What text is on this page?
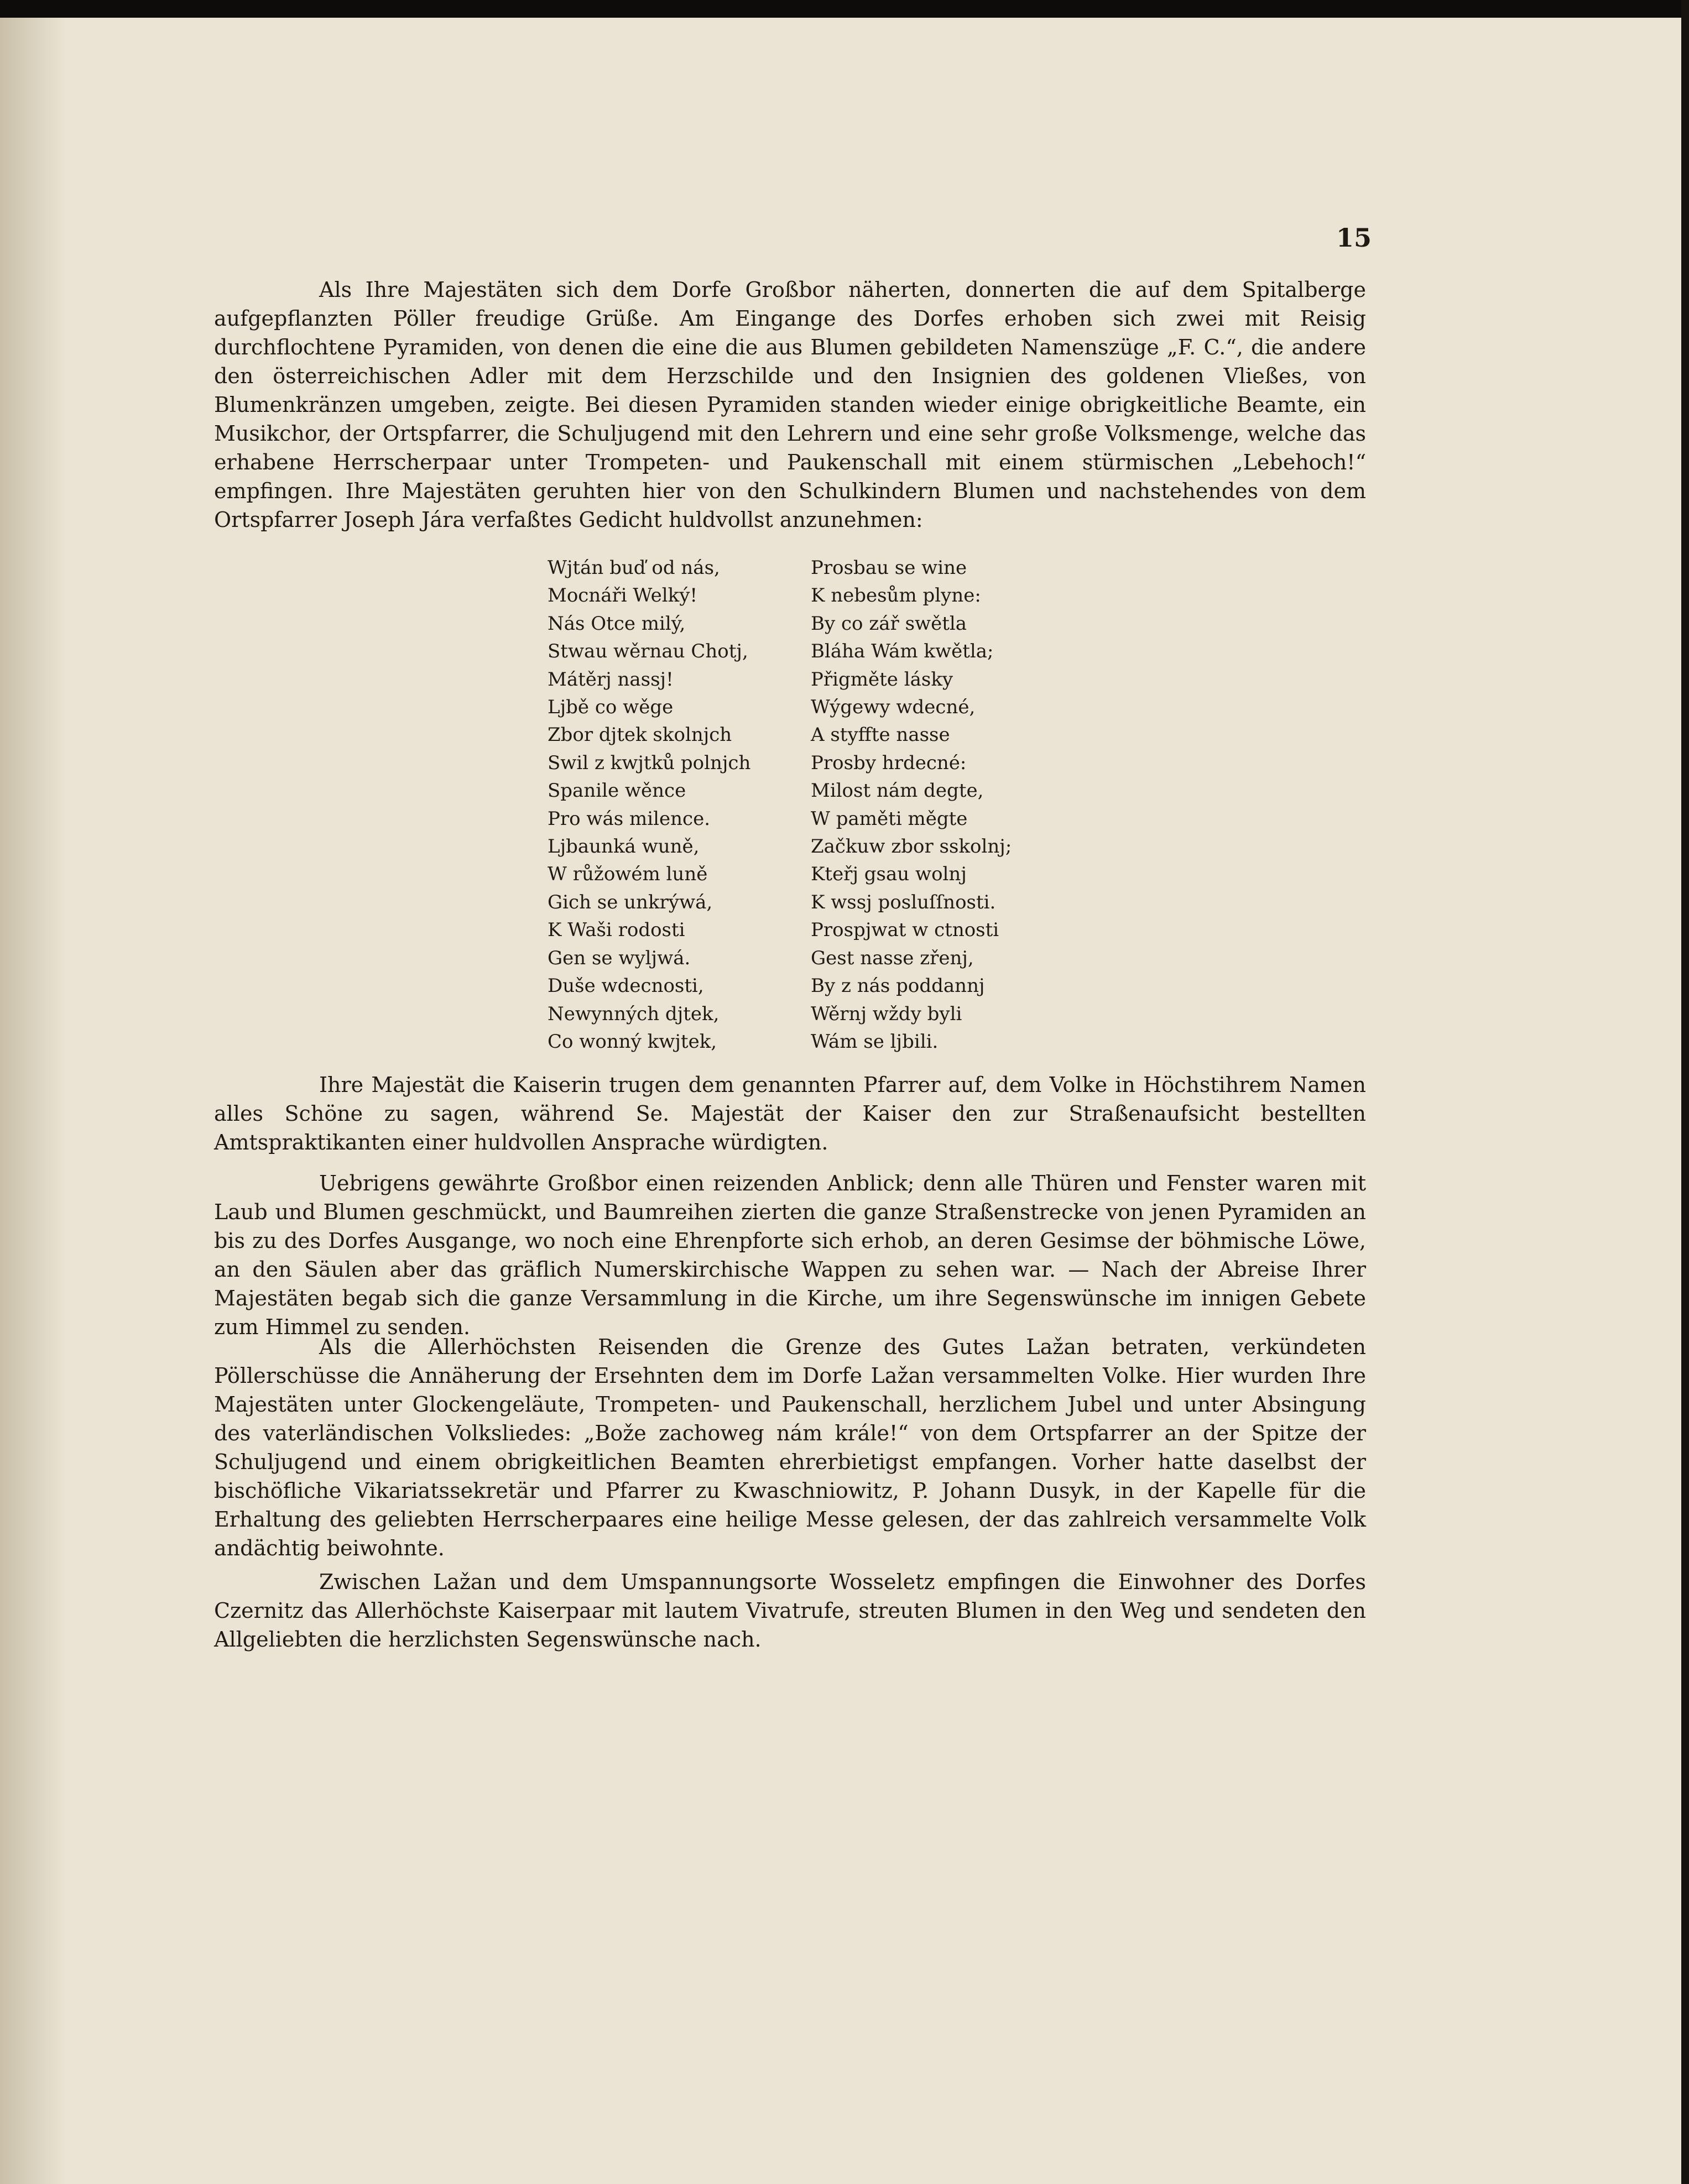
15

Als Ihre Majestäten sich dem Dorfe Großbor näherten, donnerten die auf dem Spitalberge aufgepflanzten Pöller freudige Grüße. Am Eingange des Dorfes erhoben sich zwei mit Reisig durchflochtene Pyramiden, von denen die eine die aus Blumen gebildeten Namenszüge „F. C.“, die andere den österreichischen Adler mit dem Herzschilde und den Insignien des goldenen Vließes, von Blumenkränzen umgeben, zeigte. Bei diesen Pyramiden standen wieder einige obrigkeitliche Beamte, ein Musikchor, der Ortspfarrer, die Schuljugend mit den Lehrern und eine sehr große Volksmenge, welche das erhabene Herrscherpaar unter Trompeten- und Paukenschall mit einem stürmischen „Lebehoch!“ empfingen. Ihre Majestäten geruhten hier von den Schulkindern Blumen und nachstehendes von dem Ortspfarrer Joseph Jára verfaßtes Gedicht huldvollst anzunehmen:

Wjtán buď od nás,
Mocnáři Welký!
Nás Otce milý,
Stwau wěrnau Chotj,
Mátěrj nassj!
Ljbě co wěge
Zbor djtek skolnjch
Swil z kwjtků polnjch
Spanile wěnce
Pro wás milence.
Ljbaunká wuně,
W růžowém luně
Gich se unkrýwá,
K Waši rodosti
Gen se wyljwá.
Duše wdecnosti,
Newynných djtek,
Co wonný kwjtek,
Prosbau se wine
K nebesům plyne:
By co zář swětla
Bláha Wám kwětla;
Přigměte lásky
Wýgewy wdecné,
A styffte nasse
Prosby hrdecné:
Milost nám degte,
W paměti měgte
Začkuw zbor sskolnj;
Kteřj gsau wolnj
K wssj posluſſnosti.
Prospjwat w ctnosti
Gest nasse zřenj,
By z nás poddannj
Wěrnj wždy byli
Wám se ljbili.

Ihre Majestät die Kaiserin trugen dem genannten Pfarrer auf, dem Volke in Höchstihrem Namen alles Schöne zu sagen, während Se. Majestät der Kaiser den zur Straßenaufsicht bestellten Amtspraktikanten einer huldvollen Ansprache würdigten.

Uebrigens gewährte Großbor einen reizenden Anblick; denn alle Thüren und Fenster waren mit Laub und Blumen geschmückt, und Baumreihen zierten die ganze Straßenstrecke von jenen Pyramiden an bis zu des Dorfes Ausgange, wo noch eine Ehrenpforte sich erhob, an deren Gesimse der böhmische Löwe, an den Säulen aber das gräflich Numerskirchische Wappen zu sehen war. — Nach der Abreise Ihrer Majestäten begab sich die ganze Versammlung in die Kirche, um ihre Segenswünsche im innigen Gebete zum Himmel zu senden.

Als die Allerhöchsten Reisenden die Grenze des Gutes Lažan betraten, verkündeten Pöllerschüsse die Annäherung der Ersehnten dem im Dorfe Lažan versammelten Volke. Hier wurden Ihre Majestäten unter Glockengeläute, Trompeten- und Paukenschall, herzlichem Jubel und unter Absingung des vaterländischen Volksliedes: „Bože zachoweg nám krále!“ von dem Ortspfarrer an der Spitze der Schuljugend und einem obrigkeitlichen Beamten ehrerbietigst empfangen. Vorher hatte daselbst der bischöfliche Vikariatssekretär und Pfarrer zu Kwaschniowitz, P. Johann Dusyk, in der Kapelle für die Erhaltung des geliebten Herrscherpaares eine heilige Messe gelesen, der das zahlreich versammelte Volk andächtig beiwohnte.

Zwischen Lažan und dem Umspannungsorte Wosseletz empfingen die Einwohner des Dorfes Czernitz das Allerhöchste Kaiserpaar mit lautem Vivatrufe, streuten Blumen in den Weg und sendeten den Allgeliebten die herzlichsten Segenswünsche nach.
